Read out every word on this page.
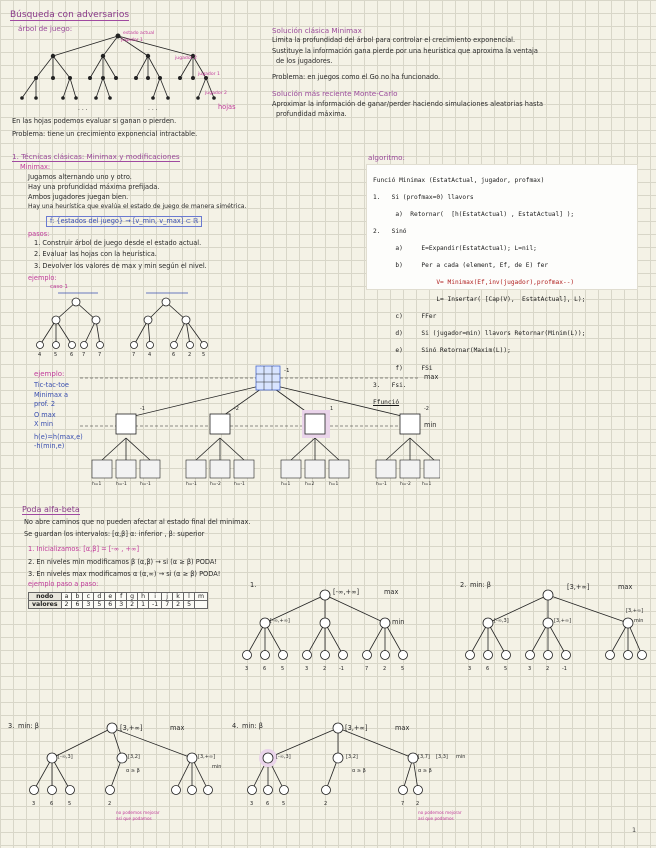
Búsqueda con adversarios
árbol de juego:
. . .	. . .
estado actual
jugador 1
jugador 2
jugador 1
jugador 2
hojas
En las hojas podemos evaluar si ganan o pierden.
Problema: tiene un crecimiento exponencial intractable.
Solución clásica Minimax
Limita la profundidad del árbol para controlar el crecimiento exponencial.
Sustituye la información gana pierde por una heurística que aproxima la ventaja
de los jugadores.
Problema: en juegos como el Go no ha funcionado.
Solución más reciente Monte-Carlo
Aproximar la información de ganar/perder haciendo simulaciones aleatorias hasta
profundidad máxima.
1. Técnicas clásicas: Minimax y modificaciones
Minimax:
Jugamos alternando uno y otro.
Hay una profundidad máxima prefijada.
Ambos jugadores juegan bien.
Hay una heurística que evalúa el estado de juego de manera simétrica.
f: {estados del juego} → [v_min, v_max] ⊂ ℝ
pasos:
1. Construir árbol de juego desde el estado actual.
2. Evaluar las hojas con la heurística.
3. Devolver los valores de max y min según el nivel.
ejemplo:
caso 1
4	5	6 7	7	7	4	6	2 5
algoritmo:

Funció Minimax (EstatActual, jugador, profmax)

1.   Si (profmax=0) llavors

a)  Retornar(  [h(EstatActual) , EstatActual] );

2.   Sinó

a)     E=Expandir(EstatActual); L=nil;

b)     Per a cada (element, Ef, de E) fer

V= Minimax(Ef,inv(jugador),profmax--)

L= Insertar( [Cap(V),  EstatActual], L);

c)     FFer

d)     Si (jugador=min) llavors Retornar(Minim(L));

e)     Sinó Retornar(Maxim(L));

f)     FSi

3.   Fsi.

Ffunció

ejemplo:
Tic-tac-toe
Minimax a
prof. 2
O max
X min
h(e)=h(max,e)
-h(min,e)
-1
max
min
-1	-2	1	-2
h=1	h=-1	h=-1	h=-1	h=-2	h=-1	h=1	h=2	h=1	h=-1	h=-2	h=1
Poda alfa-beta
No abre caminos que no pueden afectar al estado final del minimax.
Se guardan los intervalos: [α,β] α: inferior , β: superior
1. Inicializamos: [α,β] = [-∞ , +∞]
2. En niveles min modificamos β (α,β) → si (α ≥ β) PODA!
3. En niveles max modificamos α (α,∞) → si (α ≥ β) PODA!
ejemplo paso a paso:
nodo	a	b	c	d	e	f	g	h	i	j	k	l	m
valores	2	6	3	5	6	3	2	1	-1	7	2	5	
3	6	5	3	2	-1	7	2	5
1.
[-∞,+∞]	max
[-∞,+∞]	min
3	6	5	3	2	-1
2. min: β	[3,+∞]	max
[-∞,3]	[3,+∞]
[3,+∞]
min
3	6	5	2
3. min: β	[3,+∞]	max
[-∞,3]	[3,2]
α ≥ β
[3,+∞]
min
no podemos mejorar así que podamos
3	6	5	2	7 2
4. min: β	[3,+∞]	max
[-∞,3]	[3,2]
α ≥ β
[3,7] [3,3] min
α ≥ β
no podemos mejorar así que podamos
1
